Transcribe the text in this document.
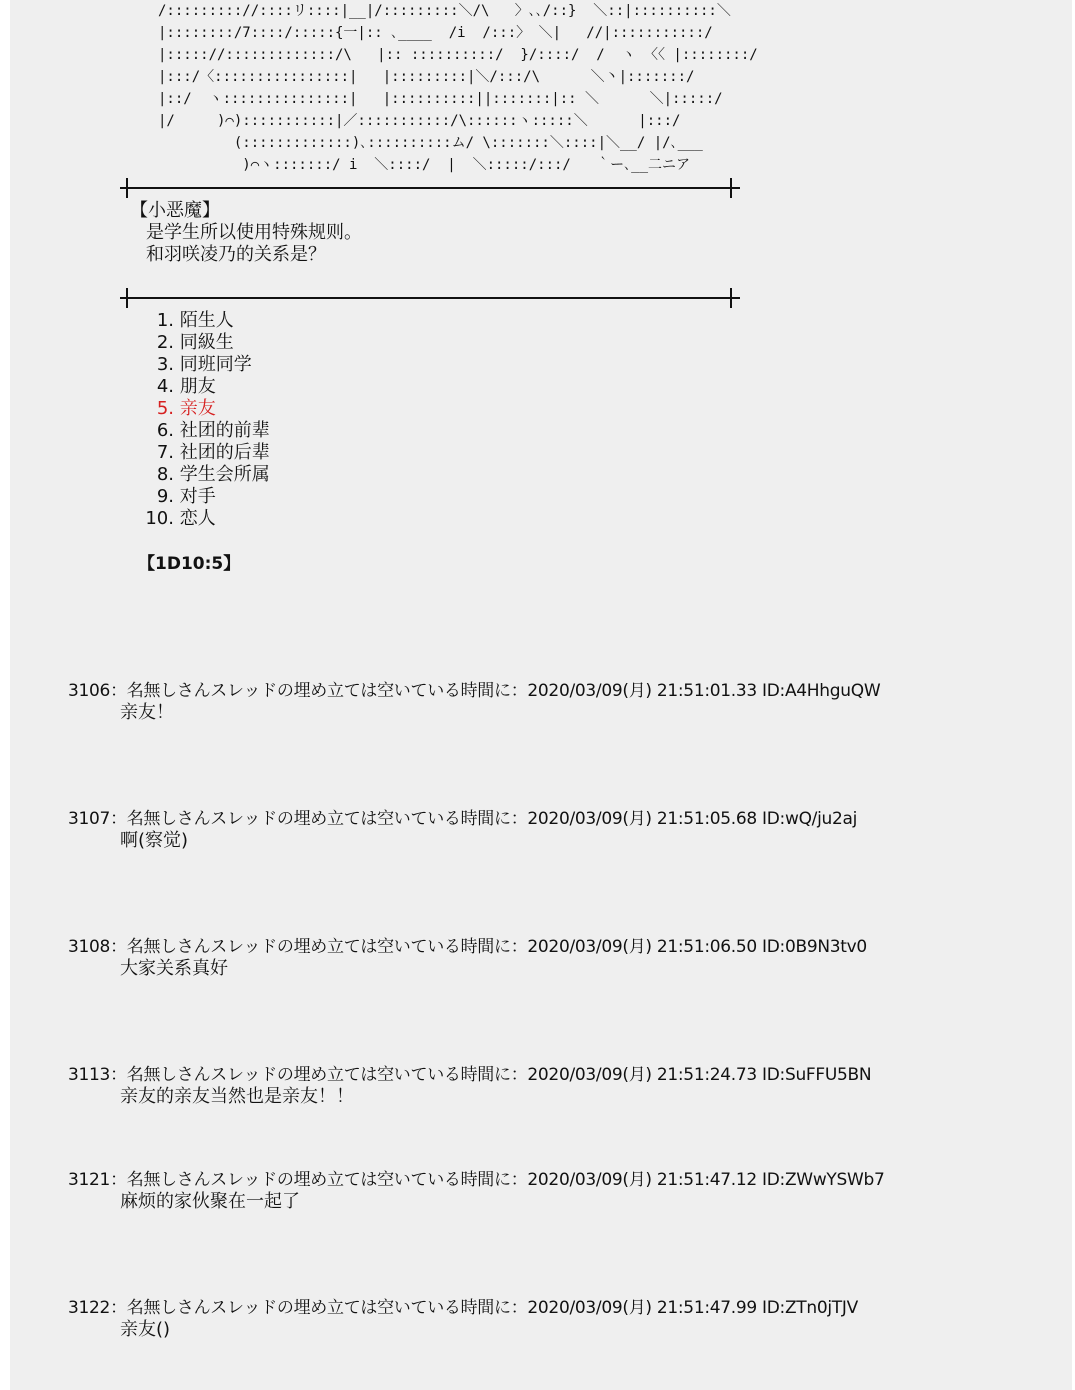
/::::::::://::::リ::::|__|/:::::::::＼/\   〉､､/::}  ＼::|::::::::::＼
|::::::::/7::::/:::::{一|:: ､____  /i  /:::〉 ＼|   //|:::::::::::/
|::::://:::::::::::::/\   |:: ::::::::::/  }/::::/  /  ヽ 〈〈 |::::::::/
|:::/〈::::::::::::::::|   |:::::::::|＼/:::/\      ＼丶|:::::::/
|::/  ヽ:::::::::::::::|   |::::::::::||:::::::|:: ＼      ＼|:::::/
|/     )⌒):::::::::::|／:::::::::::/\::::::ヽ:::::＼      |:::/
(:::::::::::::)､::::::::::ム/ \:::::::＼::::|＼__/ |/､___
)⌒ヽ:::::::/ i  ＼::::/  |  ＼:::::/:::/   ｀ー､__二ニア
【小恶魔】
是学生所以使用特殊规则。
和羽咲凌乃的关系是？
1. 陌生人
2. 同級生
3. 同班同学
4. 朋友
5. 亲友
6. 社团的前辈
7. 社团的后辈
8. 学生会所属
9. 对手
10. 恋人
【1D10:5】
3106：名無しさんスレッドの埋め立ては空いている時間に：2020/03/09(月) 21:51:01.33 ID:A4HhguQW
亲友！
3107：名無しさんスレッドの埋め立ては空いている時間に：2020/03/09(月) 21:51:05.68 ID:wQ/ju2aj
啊(察觉)
3108：名無しさんスレッドの埋め立ては空いている時間に：2020/03/09(月) 21:51:06.50 ID:0B9N3tv0
大家关系真好
3113：名無しさんスレッドの埋め立ては空いている時間に：2020/03/09(月) 21:51:24.73 ID:SuFFU5BN
亲友的亲友当然也是亲友！！
3121：名無しさんスレッドの埋め立ては空いている時間に：2020/03/09(月) 21:51:47.12 ID:ZWwYSWb7
麻烦的家伙聚在一起了
3122：名無しさんスレッドの埋め立ては空いている時間に：2020/03/09(月) 21:51:47.99 ID:ZTn0jTJV
亲友()
